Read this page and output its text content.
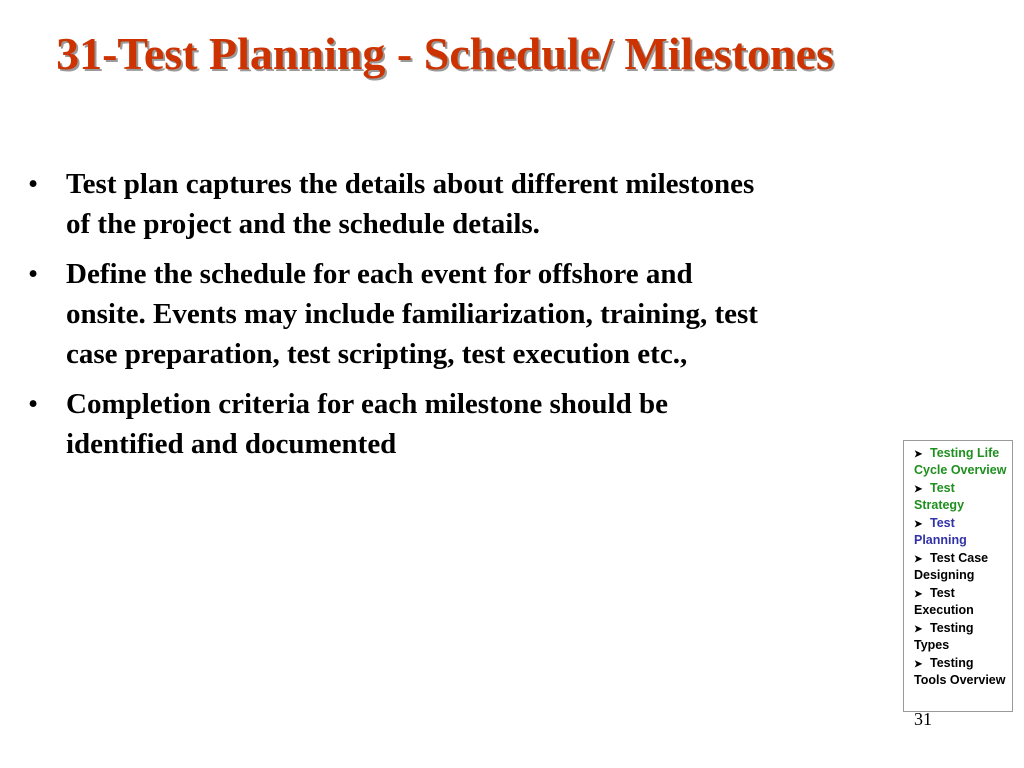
31-Test Planning - Schedule/ Milestones
• Test plan captures the details about different milestones of the project and the schedule details.
• Define the schedule for each event for offshore and onsite. Events may include familiarization, training, test case preparation, test scripting, test execution etc.,
• Completion criteria for each milestone should be identified and documented	➤ Testing Life Cycle Overview
➤ Test Strategy
➤ Test Planning
➤ Test Case Designing
➤ Test Execution
➤ Testing Types
➤ Testing Tools Overview
31
